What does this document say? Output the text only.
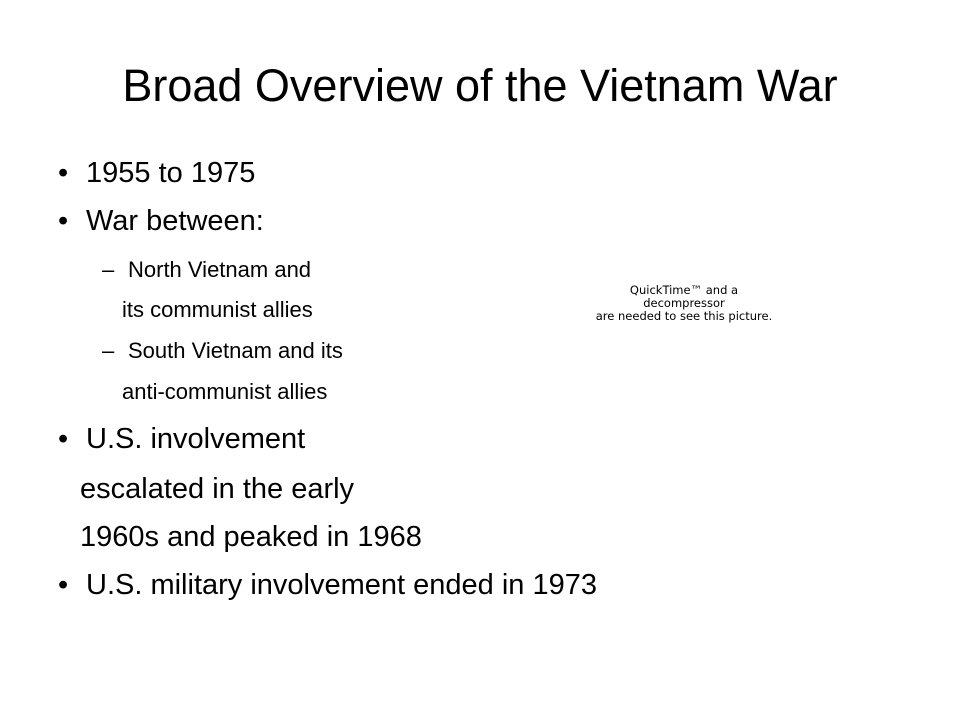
Broad Overview of the Vietnam War
• 1955 to 1975
• War between:
– North Vietnam and
its communist allies
– South Vietnam and its
anti-communist allies
• U.S. involvement
escalated in the early
1960s and peaked in 1968
• U.S. military involvement ended in 1973
QuickTime™ and a
decompressor
are needed to see this picture.
